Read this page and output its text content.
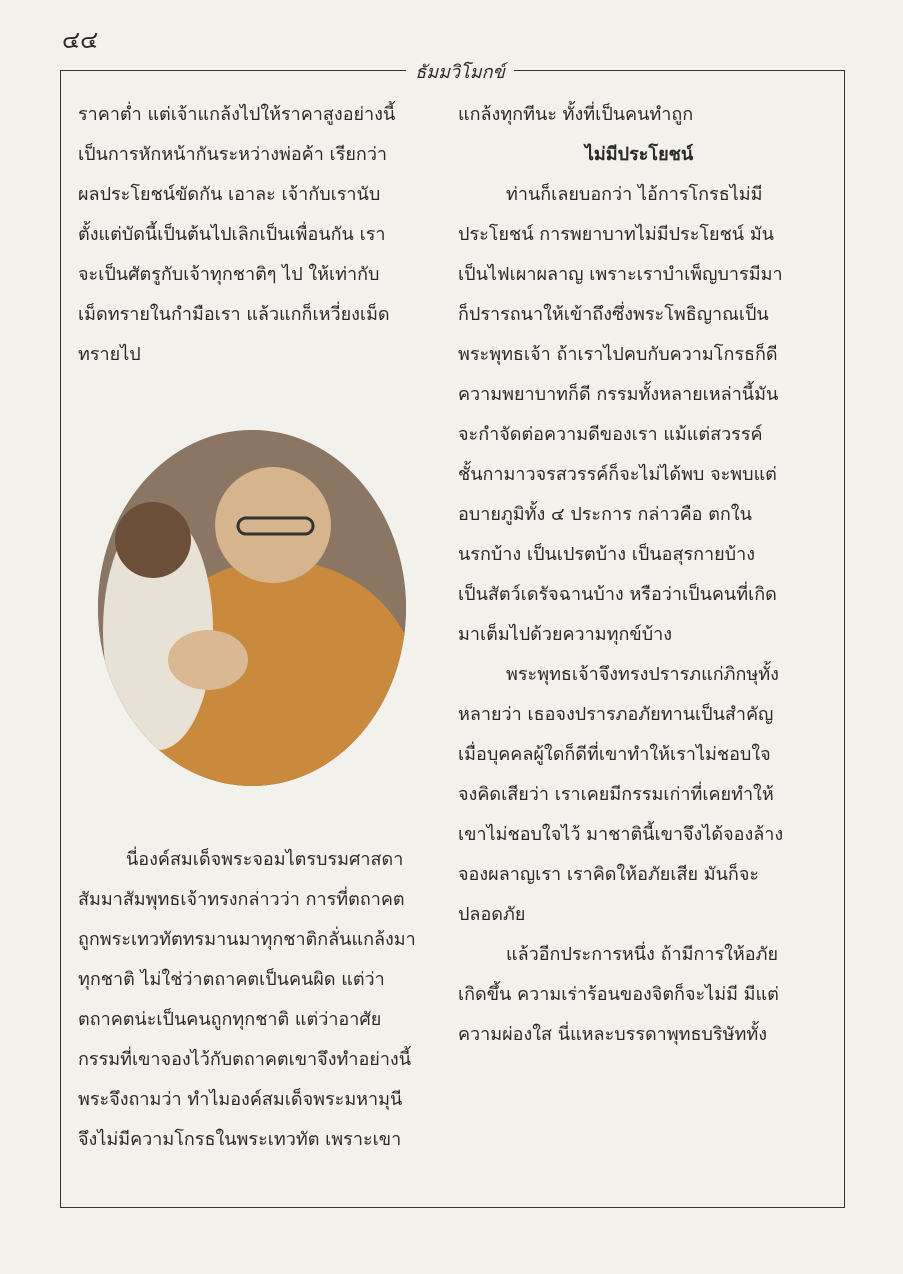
๔๔
ธัมมวิโมกข์

ราคาต่ำ แต่เจ้าแกล้งไปให้ราคาสูงอย่างนี้

เป็นการหักหน้ากันระหว่างพ่อค้า เรียกว่า

ผลประโยชน์ขัดกัน เอาละ เจ้ากับเรานับ

ตั้งแต่บัดนี้เป็นต้นไปเลิกเป็นเพื่อนกัน เรา

จะเป็นศัตรูกับเจ้าทุกชาติๆ ไป ให้เท่ากับ

เม็ดทรายในกำมือเรา แล้วแกก็เหวี่ยงเม็ด

ทรายไป

นี่องค์สมเด็จพระจอมไตรบรมศาสดา

สัมมาสัมพุทธเจ้าทรงกล่าวว่า การที่ตถาคต

ถูกพระเทวทัตทรมานมาทุกชาติกลั่นแกล้งมา

ทุกชาติ ไม่ใช่ว่าตถาคตเป็นคนผิด แต่ว่า

ตถาคตน่ะเป็นคนถูกทุกชาติ แต่ว่าอาศัย

กรรมที่เขาจองไว้กับตถาคตเขาจึงทำอย่างนี้

พระจึงถามว่า ทำไมองค์สมเด็จพระมหามุนี

จึงไม่มีความโกรธในพระเทวทัต เพราะเขา

แกล้งทุกทีนะ ทั้งที่เป็นคนทำถูก

ไม่มีประโยชน์

ท่านก็เลยบอกว่า ไอ้การโกรธไม่มี

ประโยชน์ การพยาบาทไม่มีประโยชน์ มัน

เป็นไฟเผาผลาญ เพราะเราบำเพ็ญบารมีมา

ก็ปรารถนาให้เข้าถึงซึ่งพระโพธิญาณเป็น

พระพุทธเจ้า ถ้าเราไปคบกับความโกรธก็ดี

ความพยาบาทก็ดี กรรมทั้งหลายเหล่านี้มัน

จะกำจัดต่อความดีของเรา แม้แต่สวรรค์

ชั้นกามาวจรสวรรค์ก็จะไม่ได้พบ จะพบแต่

อบายภูมิทั้ง ๔ ประการ กล่าวคือ ตกใน

นรกบ้าง เป็นเปรตบ้าง เป็นอสุรกายบ้าง

เป็นสัตว์เดรัจฉานบ้าง หรือว่าเป็นคนที่เกิด

มาเต็มไปด้วยความทุกข์บ้าง

พระพุทธเจ้าจึงทรงปรารภแก่ภิกษุทั้ง

หลายว่า เธอจงปรารภอภัยทานเป็นสำคัญ

เมื่อบุคคลผู้ใดก็ดีที่เขาทำให้เราไม่ชอบใจ

จงคิดเสียว่า เราเคยมีกรรมเก่าที่เคยทำให้

เขาไม่ชอบใจไว้ มาชาตินี้เขาจึงได้จองล้าง

จองผลาญเรา เราคิดให้อภัยเสีย มันก็จะ

ปลอดภัย

แล้วอีกประการหนึ่ง ถ้ามีการให้อภัย

เกิดขึ้น ความเร่าร้อนของจิตก็จะไม่มี มีแต่

ความผ่องใส นี่แหละบรรดาพุทธบริษัททั้ง
